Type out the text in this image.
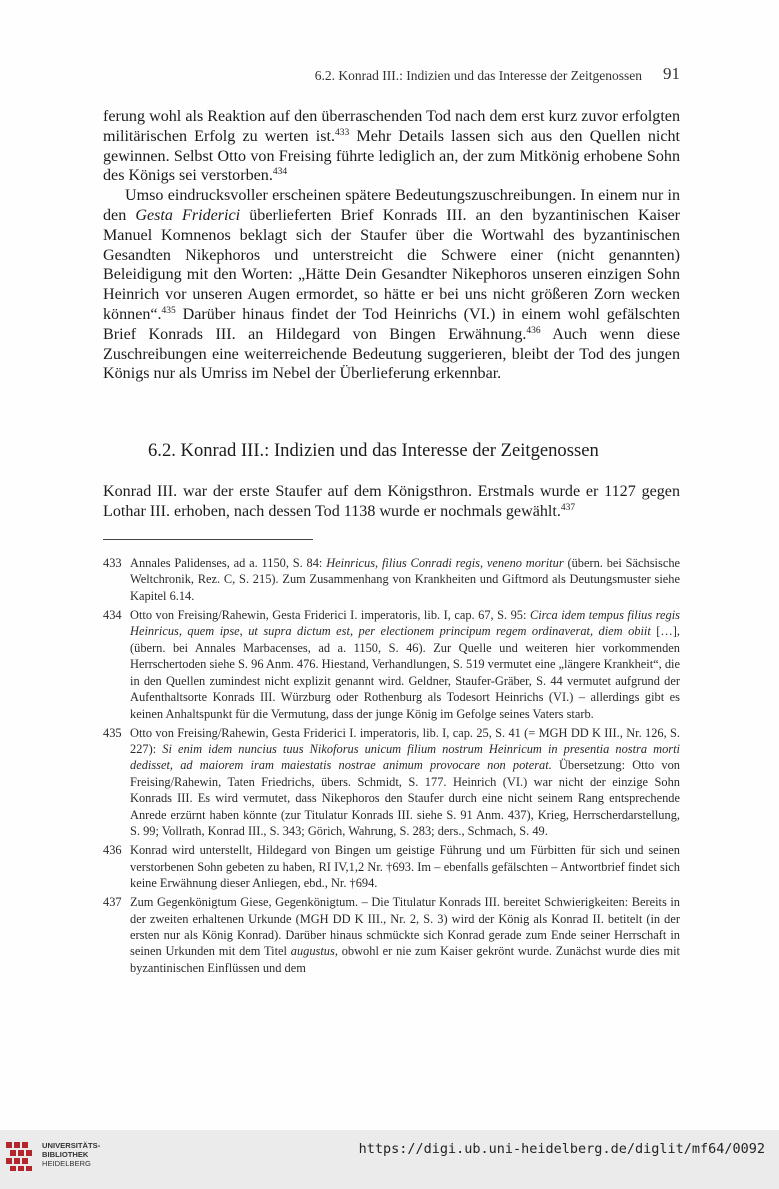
6.2. Konrad III.: Indizien und das Interesse der Zeitgenossen 91

ferung wohl als Reaktion auf den überraschenden Tod nach dem erst kurz zuvor erfolgten militärischen Erfolg zu werten ist.$^{433}$ Mehr Details lassen sich aus den Quellen nicht gewinnen. Selbst Otto von Freising führte lediglich an, der zum Mitkönig erhobene Sohn des Königs sei verstorben.$^{434}$

Umso eindrucksvoller erscheinen spätere Bedeutungszuschreibungen. In einem nur in den Gesta Friderici überlieferten Brief Konrads III. an den byzantinischen Kaiser Manuel Komnenos beklagt sich der Staufer über die Wortwahl des byzantinischen Gesandten Nikephoros und unterstreicht die Schwere einer (nicht genannten) Beleidigung mit den Worten: „Hätte Dein Gesandter Nikephoros unseren einzigen Sohn Heinrich vor unseren Augen ermordet, so hätte er bei uns nicht größeren Zorn wecken können“.$^{435}$ Darüber hinaus findet der Tod Heinrichs (VI.) in einem wohl gefälschten Brief Konrads III. an Hildegard von Bingen Erwähnung.$^{436}$ Auch wenn diese Zuschreibungen eine weiterreichende Bedeutung suggerieren, bleibt der Tod des jungen Königs nur als Umriss im Nebel der Überlieferung erkennbar.

6.2. Konrad III.: Indizien und das Interesse der Zeitgenossen

Konrad III. war der erste Staufer auf dem Königsthron. Erstmals wurde er 1127 gegen Lothar III. erhoben, nach dessen Tod 1138 wurde er nochmals gewählt.$^{437}$

433 Annales Palidenses, ad a. 1150, S. 84: Heinricus, filius Conradi regis, veneno moritur (übern. bei Sächsische Weltchronik, Rez. C, S. 215). Zum Zusammenhang von Krankheiten und Giftmord als Deutungsmuster siehe Kapitel 6.14.

434 Otto von Freising/Rahewin, Gesta Friderici I. imperatoris, lib. I, cap. 67, S. 95: Circa idem tempus filius regis Heinricus, quem ipse, ut supra dictum est, per electionem principum regem ordinaverat, diem obiit […], (übern. bei Annales Marbacenses, ad a. 1150, S. 46). Zur Quelle und weiteren hier vorkommenden Herrschertoden siehe S. 96 Anm. 476. Hiestand, Verhandlungen, S. 519 vermutet eine „längere Krankheit“, die in den Quellen zumindest nicht explizit genannt wird. Geldner, Staufer-Gräber, S. 44 vermutet aufgrund der Aufenthaltsorte Konrads III. Würzburg oder Rothenburg als Todesort Heinrichs (VI.) – allerdings gibt es keinen Anhaltspunkt für die Vermutung, dass der junge König im Gefolge seines Vaters starb.

435 Otto von Freising/Rahewin, Gesta Friderici I. imperatoris, lib. I, cap. 25, S. 41 (= MGH DD K III., Nr. 126, S. 227): Si enim idem nuncius tuus Nikoforus unicum filium nostrum Heinricum in presentia nostra morti dedisset, ad maiorem iram maiestatis nostrae animum provocare non poterat. Übersetzung: Otto von Freising/Rahewin, Taten Friedrichs, übers. Schmidt, S. 177. Heinrich (VI.) war nicht der einzige Sohn Konrads III. Es wird vermutet, dass Nikephoros den Staufer durch eine nicht seinem Rang entsprechende Anrede erzürnt haben könnte (zur Titulatur Konrads III. siehe S. 91 Anm. 437), Krieg, Herrscherdarstellung, S. 99; Vollrath, Konrad III., S. 343; Görich, Wahrung, S. 283; ders., Schmach, S. 49.

436 Konrad wird unterstellt, Hildegard von Bingen um geistige Führung und um Fürbitten für sich und seinen verstorbenen Sohn gebeten zu haben, RI IV,1,2 Nr. †693. Im – ebenfalls gefälschten – Antwortbrief findet sich keine Erwähnung dieser Anliegen, ebd., Nr. †694.

437 Zum Gegenkönigtum Giese, Gegenkönigtum. – Die Titulatur Konrads III. bereitet Schwierigkeiten: Bereits in der zweiten erhaltenen Urkunde (MGH DD K III., Nr. 2, S. 3) wird der König als Konrad II. betitelt (in der ersten nur als König Konrad). Darüber hinaus schmückte sich Konrad gerade zum Ende seiner Herrschaft in seinen Urkunden mit dem Titel augustus, obwohl er nie zum Kaiser gekrönt wurde. Zunächst wurde dies mit byzantinischen Einflüssen und dem

UNIVERSITÄTS-
BIBLIOTHEK
HEIDELBERG
https://digi.ub.uni-heidelberg.de/diglit/mf64/0092
